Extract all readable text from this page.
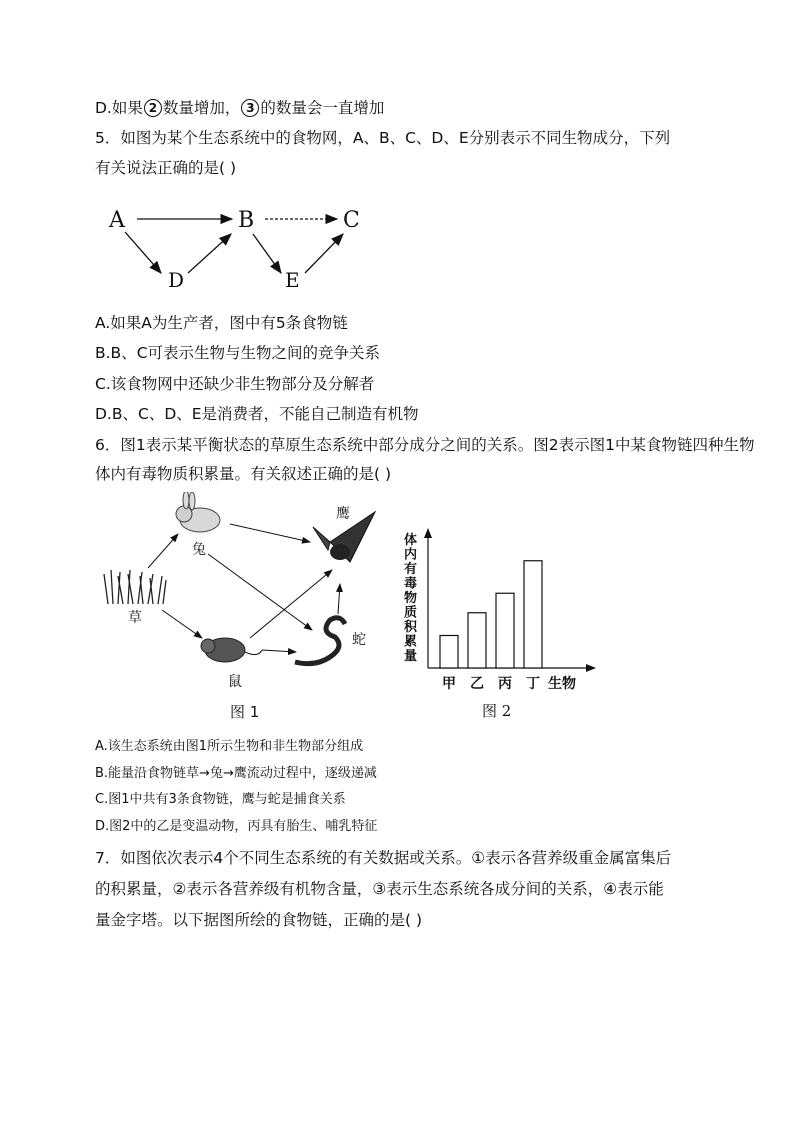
D.如果 2 数量增加， 3 的数量会一直增加
5．如图为某个生态系统中的食物网，A、B、C、D、E分别表示不同生物成分，下列
有关说法正确的是( )
A	B	C
D	E
A.如果A为生产者，图中有5条食物链
B.B、C可表示生物与生物之间的竞争关系
C.该食物网中还缺少非生物部分及分解者
D.B、C、D、E是消费者，不能自己制造有机物
6．图1表示某平衡状态的草原生态系统中部分成分之间的关系。图2表示图1中某食物链四种生物
体内有毒物质积累量。有关叙述正确的是( )
兔
草
鼠
鹰
蛇
图 1
体
内
有
毒
物
质
积
累
量
甲 乙 丙 丁 生物
图 2
A.该生态系统由图1所示生物和非生物部分组成
B.能量沿食物链草→兔→鹰流动过程中，逐级递减
C.图1中共有3条食物链，鹰与蛇是捕食关系
D.图2中的乙是变温动物，丙具有胎生、哺乳特征
7．如图依次表示4个不同生态系统的有关数据或关系。①表示各营养级重金属富集后
的积累量，②表示各营养级有机物含量，③表示生态系统各成分间的关系，④表示能
量金字塔。以下据图所绘的食物链，正确的是( )
